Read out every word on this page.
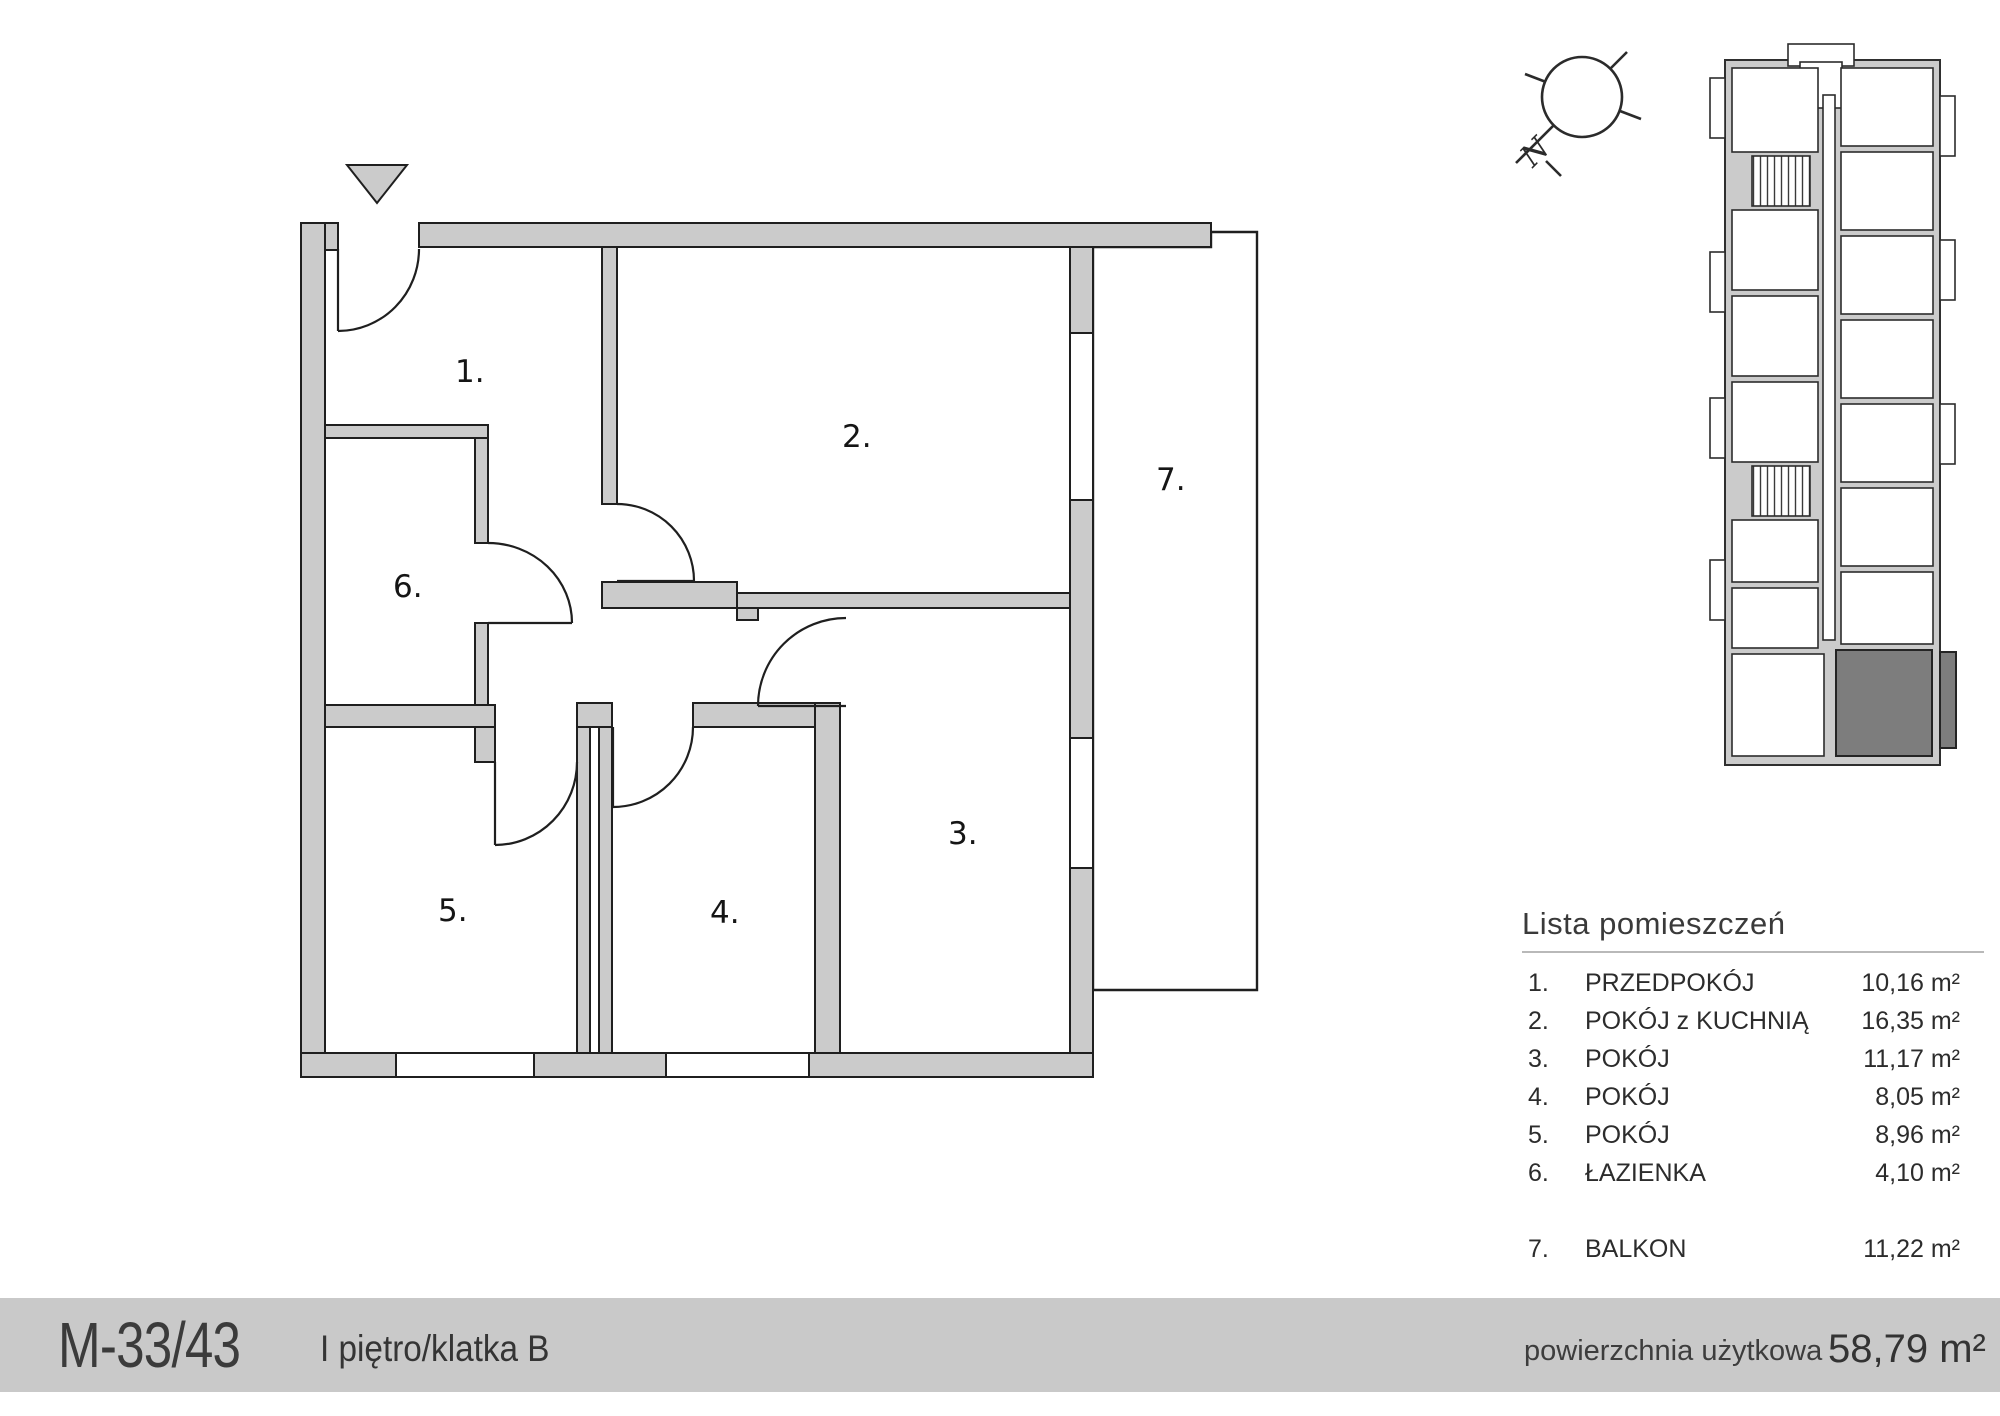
1.
2.
3.
4.
5.
6.
7.
N
Lista pomieszczeń
1.	PRZEDPOKÓJ	10,16 m²
2.	POKÓJ z KUCHNIĄ	16,35 m²
3.	POKÓJ	11,17 m²
4.	POKÓJ	8,05 m²
5.	POKÓJ	8,96 m²
6.	ŁAZIENKA	4,10 m²
7.	BALKON	11,22 m²
M-33/43 I piętro/klatka B	powierzchnia użytkowa 58,79 m²
